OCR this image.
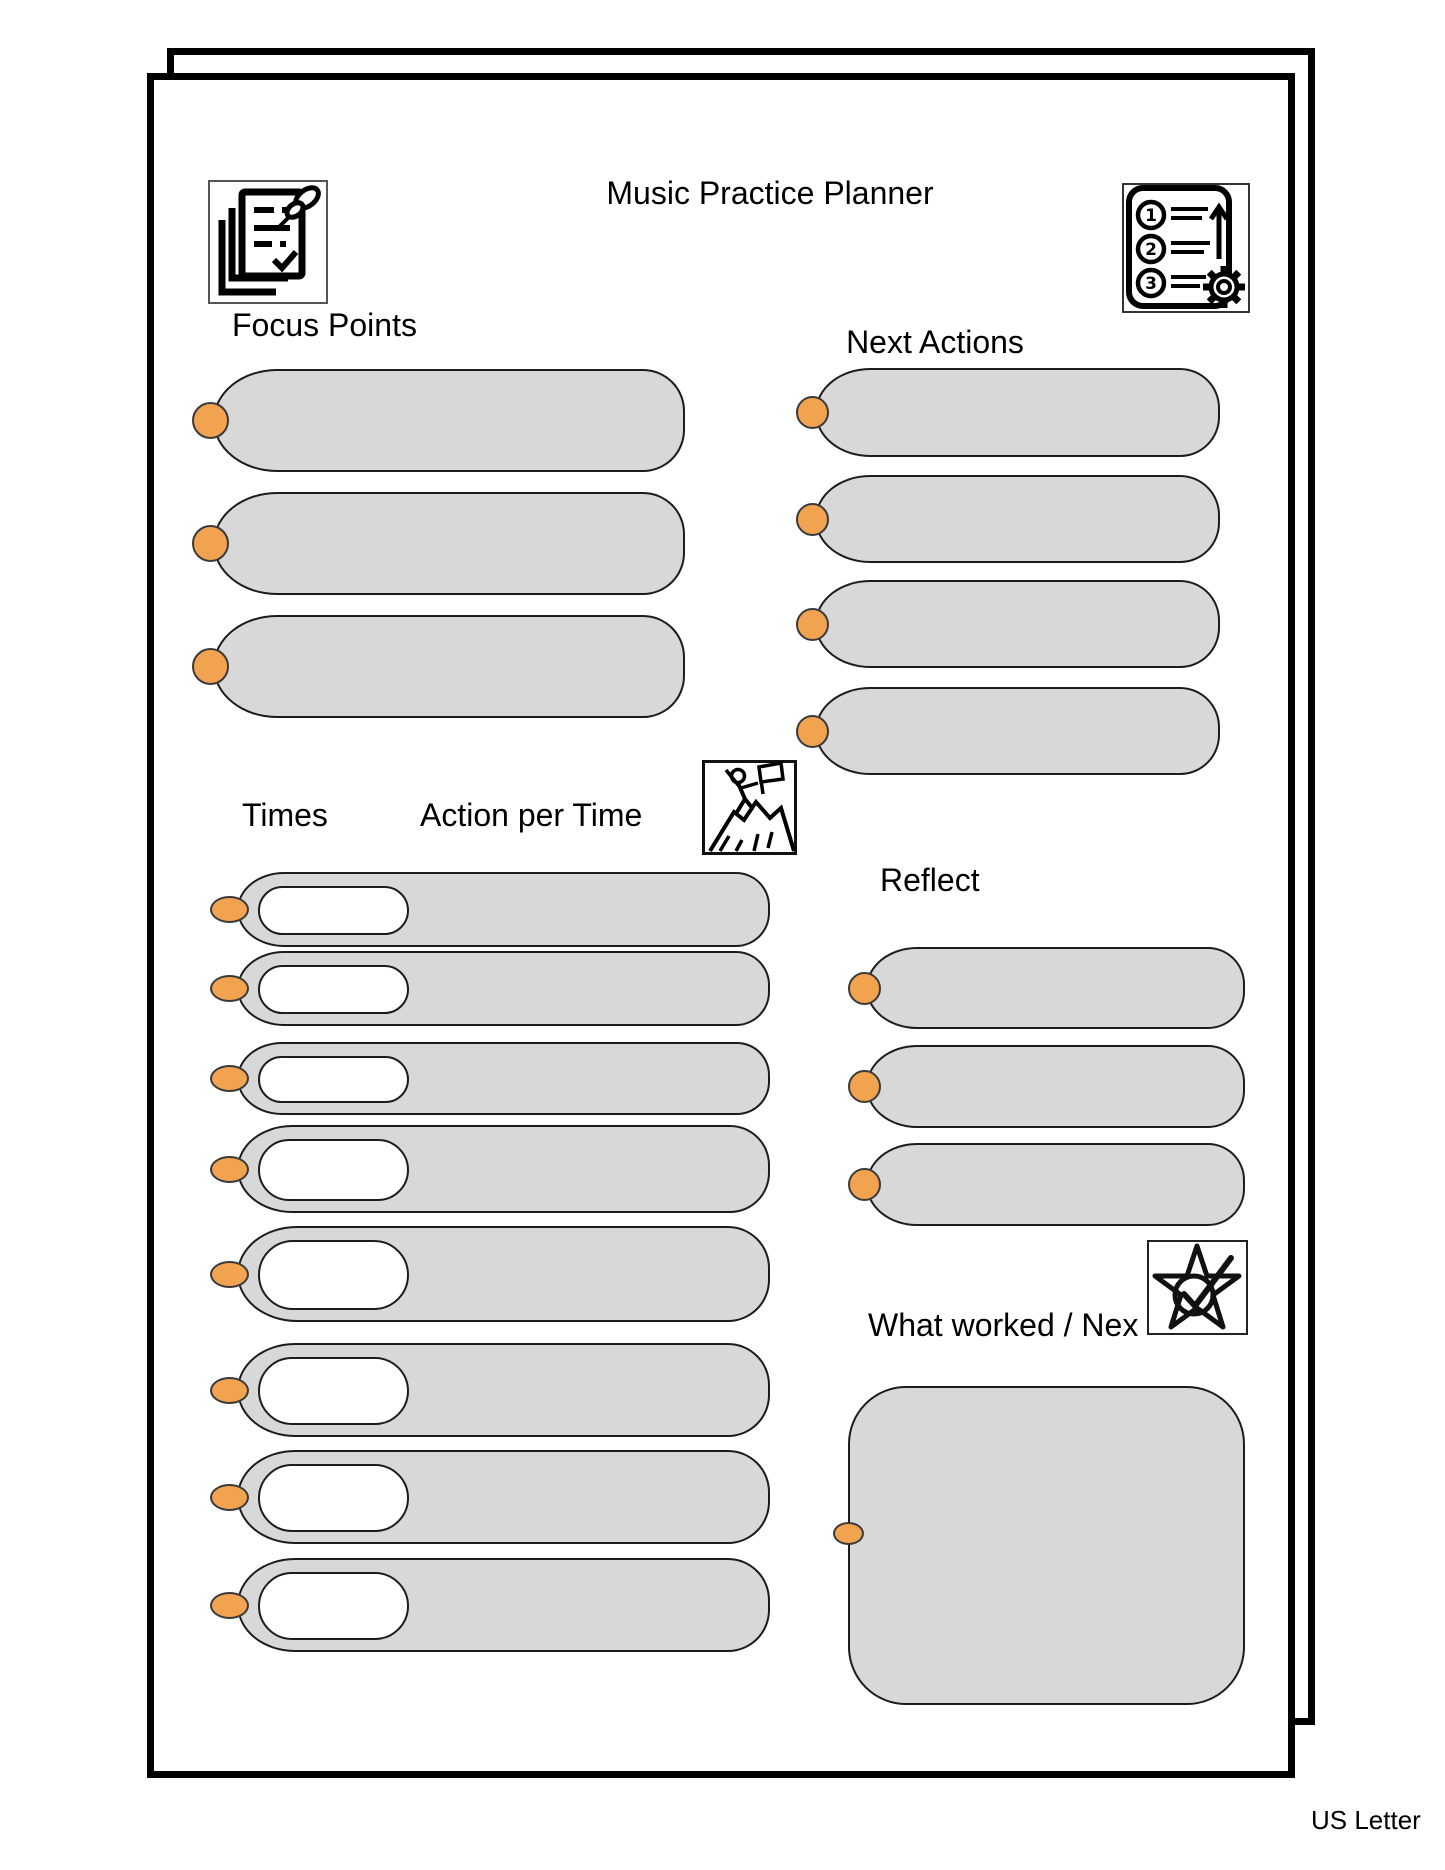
Music Practice Planner
Focus Points	Next Actions
Times	Action per Time
Reflect
What worked / Nex
US Letter
1
2
3
